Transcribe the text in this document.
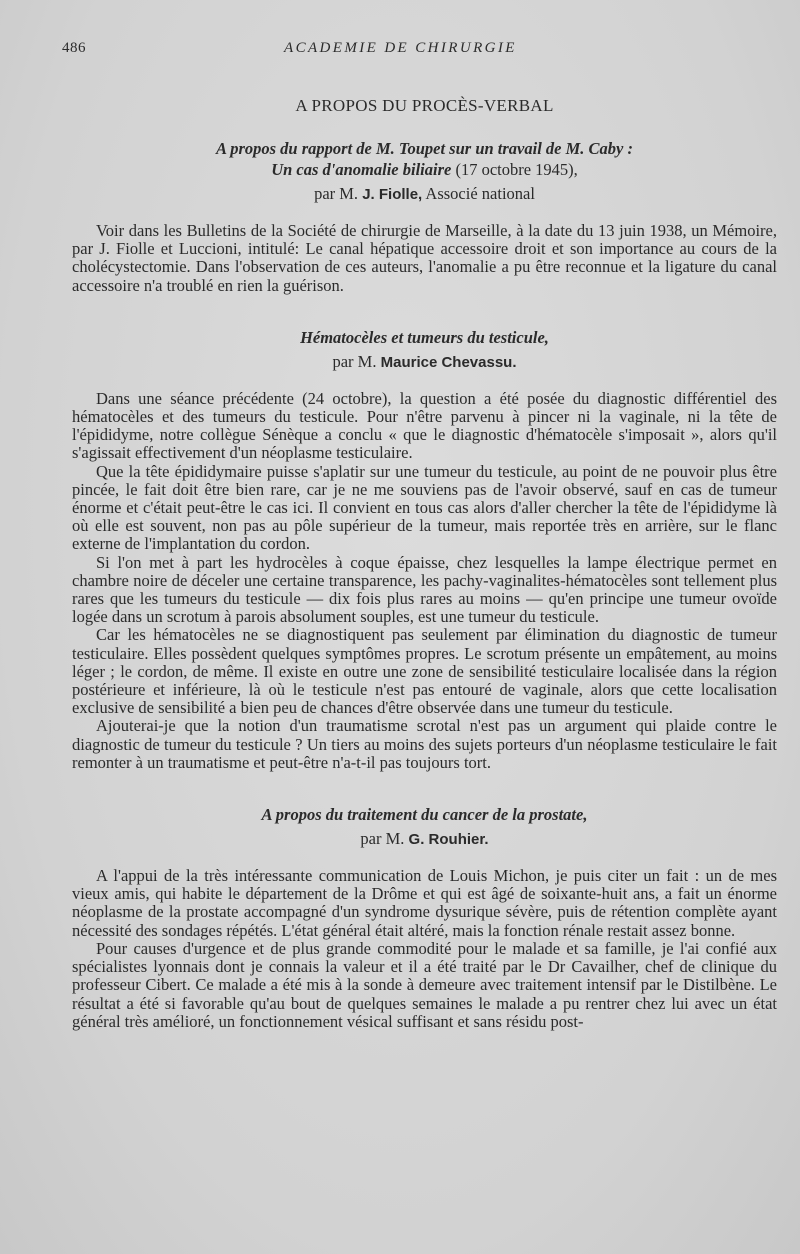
486	ACADEMIE DE CHIRURGIE
A PROPOS DU PROCÈS-VERBAL

A propos du rapport de M. Toupet sur un travail de M. Caby :
Un cas d'anomalie biliaire (17 octobre 1945),

par M. J. Fiolle, Associé national

Voir dans les Bulletins de la Société de chirurgie de Marseille, à la date du 13 juin 1938, un Mémoire, par J. Fiolle et Luccioni, intitulé: Le canal hépatique accessoire droit et son importance au cours de la cholécystectomie. Dans l'observation de ces auteurs, l'anomalie a pu être reconnue et la ligature du canal accessoire n'a troublé en rien la guérison.

Hématocèles et tumeurs du testicule,

par M. Maurice Chevassu.

Dans une séance précédente (24 octobre), la question a été posée du diagnostic différentiel des hématocèles et des tumeurs du testicule. Pour n'être parvenu à pincer ni la vaginale, ni la tête de l'épididyme, notre collègue Sénèque a conclu « que le diagnostic d'hématocèle s'imposait », alors qu'il s'agissait effectivement d'un néoplasme testiculaire.

Que la tête épididymaire puisse s'aplatir sur une tumeur du testicule, au point de ne pouvoir plus être pincée, le fait doit être bien rare, car je ne me souviens pas de l'avoir observé, sauf en cas de tumeur énorme et c'était peut-être le cas ici. Il convient en tous cas alors d'aller chercher la tête de l'épididyme là où elle est souvent, non pas au pôle supérieur de la tumeur, mais reportée très en arrière, sur le flanc externe de l'implantation du cordon.

Si l'on met à part les hydrocèles à coque épaisse, chez lesquelles la lampe électrique permet en chambre noire de déceler une certaine transparence, les pachy-vaginalites-hématocèles sont tellement plus rares que les tumeurs du testicule — dix fois plus rares au moins — qu'en principe une tumeur ovoïde logée dans un scrotum à parois absolument souples, est une tumeur du testicule.

Car les hématocèles ne se diagnostiquent pas seulement par élimination du diagnostic de tumeur testiculaire. Elles possèdent quelques symptômes propres. Le scrotum présente un empâtement, au moins léger ; le cordon, de même. Il existe en outre une zone de sensibilité testiculaire localisée dans la région postérieure et inférieure, là où le testicule n'est pas entouré de vaginale, alors que cette localisation exclusive de sensibilité a bien peu de chances d'être observée dans une tumeur du testicule.

Ajouterai-je que la notion d'un traumatisme scrotal n'est pas un argument qui plaide contre le diagnostic de tumeur du testicule ? Un tiers au moins des sujets porteurs d'un néoplasme testiculaire le fait remonter à un traumatisme et peut-être n'a-t-il pas toujours tort.

A propos du traitement du cancer de la prostate,

par M. G. Rouhier.

A l'appui de la très intéressante communication de Louis Michon, je puis citer un fait : un de mes vieux amis, qui habite le département de la Drôme et qui est âgé de soixante-huit ans, a fait un énorme néoplasme de la prostate accompagné d'un syndrome dysurique sévère, puis de rétention complète ayant nécessité des sondages répétés. L'état général était altéré, mais la fonction rénale restait assez bonne.

Pour causes d'urgence et de plus grande commodité pour le malade et sa famille, je l'ai confié aux spécialistes lyonnais dont je connais la valeur et il a été traité par le Dr Cavailher, chef de clinique du professeur Cibert. Ce malade a été mis à la sonde à demeure avec traitement intensif par le Distilbène. Le résultat a été si favorable qu'au bout de quelques semaines le malade a pu rentrer chez lui avec un état général très amélioré, un fonctionnement vésical suffisant et sans résidu post-
